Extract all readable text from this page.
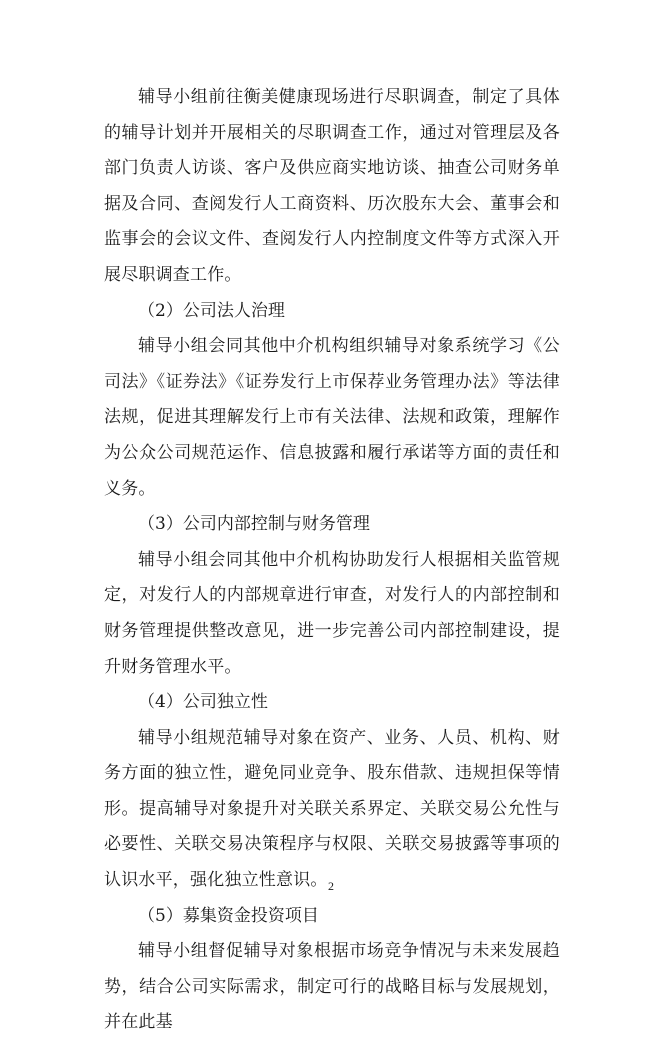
辅导小组前往衡美健康现场进行尽职调查，制定了具体的辅导计划并开展相关的尽职调查工作，通过对管理层及各部门负责人访谈、客户及供应商实地访谈、抽查公司财务单据及合同、查阅发行人工商资料、历次股东大会、董事会和监事会的会议文件、查阅发行人内控制度文件等方式深入开展尽职调查工作。

（2）公司法人治理

辅导小组会同其他中介机构组织辅导对象系统学习《公司法》《证券法》《证券发行上市保荐业务管理办法》等法律法规，促进其理解发行上市有关法律、法规和政策，理解作为公众公司规范运作、信息披露和履行承诺等方面的责任和义务。

（3）公司内部控制与财务管理

辅导小组会同其他中介机构协助发行人根据相关监管规定，对发行人的内部规章进行审查，对发行人的内部控制和财务管理提供整改意见，进一步完善公司内部控制建设，提升财务管理水平。

（4）公司独立性

辅导小组规范辅导对象在资产、业务、人员、机构、财务方面的独立性，避免同业竞争、股东借款、违规担保等情形。提高辅导对象提升对关联关系界定、关联交易公允性与必要性、关联交易决策程序与权限、关联交易披露等事项的认识水平，强化独立性意识。

（5）募集资金投资项目

辅导小组督促辅导对象根据市场竞争情况与未来发展趋势，结合公司实际需求，制定可行的战略目标与发展规划，并在此基

2
